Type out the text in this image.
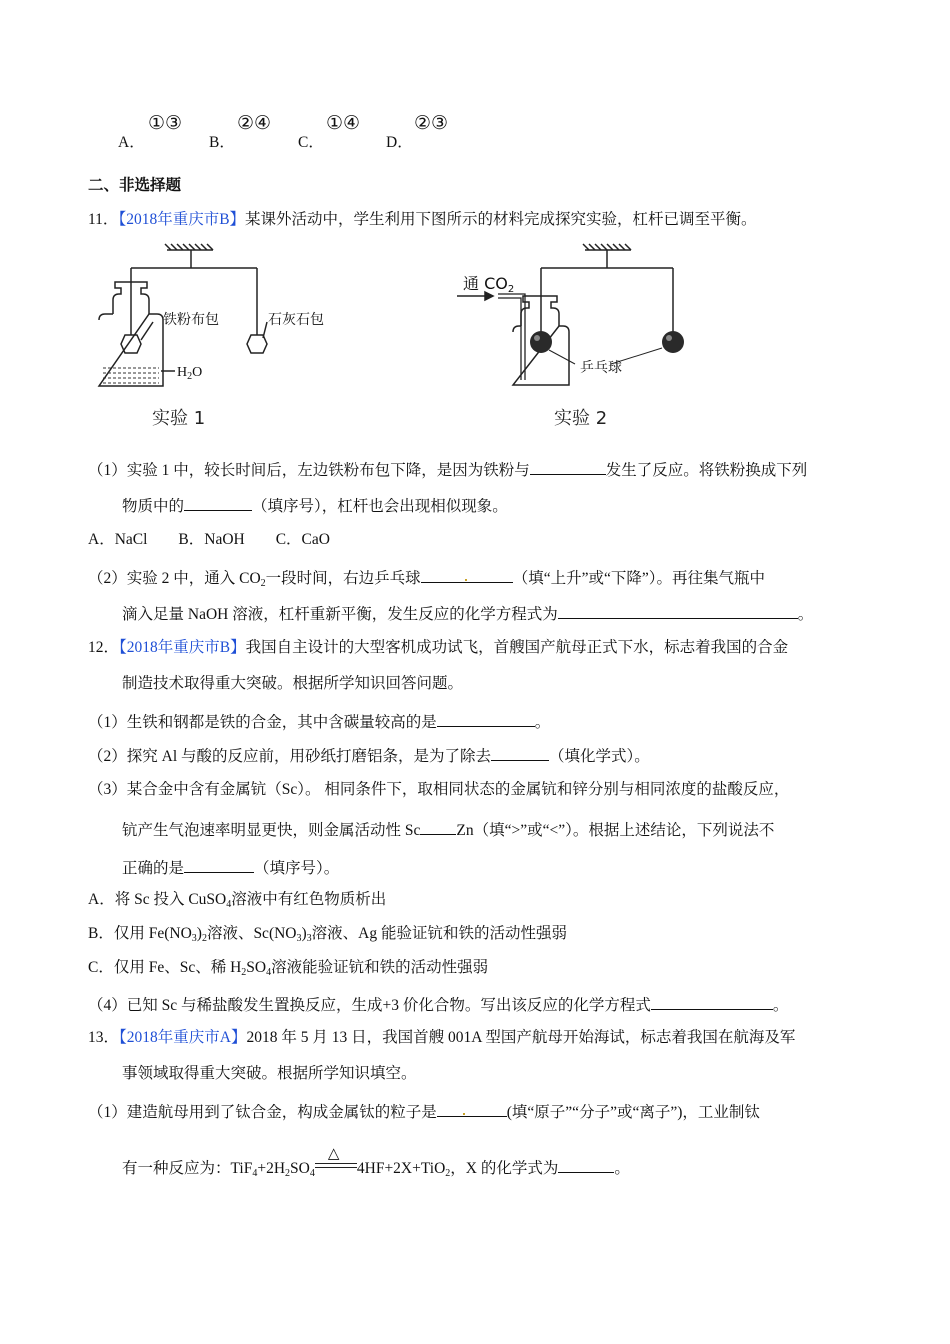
A．
①③
B．
②④
C．
①④
D．
②③
二、非选择题
11．【2018年重庆市B】某课外活动中，学生利用下图所示的材料完成探究实验，杠杆已调至平衡。
铁粉布包	石灰石包
$H_2O$
实验 1
通 $CO_2$
乒乓球
实验 2
（1）实验 1 中，较长时间后，左边铁粉布包下降，是因为铁粉与	发生了反应。将铁粉换成下列
物质中的	（填序号），杠杆也会出现相似现象。
A．NaCl　　B．NaOH　　C．CaO
（2）实验 2 中，通入 $CO_2$一段时间，右边乒乓球	（填“上升”或“下降”）。再往集气瓶中
滴入足量 NaOH 溶液，杠杆重新平衡，发生反应的化学方程式为	。
12．【2018年重庆市B】我国自主设计的大型客机成功试飞，首艘国产航母正式下水，标志着我国的合金
制造技术取得重大突破。根据所学知识回答问题。
（1）生铁和钢都是铁的合金，其中含碳量较高的是	。
（2）探究 Al 与酸的反应前，用砂纸打磨铝条，是为了除去	（填化学式）。
（3）某合金中含有金属钪（Sc）。 相同条件下，取相同状态的金属钪和锌分别与相同浓度的盐酸反应，
钪产生气泡速率明显更快，则金属活动性 Sc Zn（填“>”或“<”）。根据上述结论，下列说法不
正确的是	（填序号）。
A．将 Sc 投入 CuSO$_4$溶液中有红色物质析出
B．仅用 $Fe(NO_3)_2$溶液、$Sc(NO_3)_3$溶液、Ag 能验证钪和铁的活动性强弱
C．仅用 Fe、Sc、稀 $H_2SO_4$溶液能验证钪和铁的活动性强弱
（4）已知 Sc 与稀盐酸发生置换反应，生成+3 价化合物。写出该反应的化学方程式	。
13．【2018年重庆市A】2018 年 5 月 13 日，我国首艘 001A 型国产航母开始海试，标志着我国在航海及军
事领域取得重大突破。根据所学知识填空。
（1）建造航母用到了钛合金，构成金属钛的粒子是	(填“原子”“分子”或“离子”)，工业制钛
有一种反应为：$TiF_4+2H_2SO_4$
△
4HF+2X+TiO$_2$，X 的化学式为	。
